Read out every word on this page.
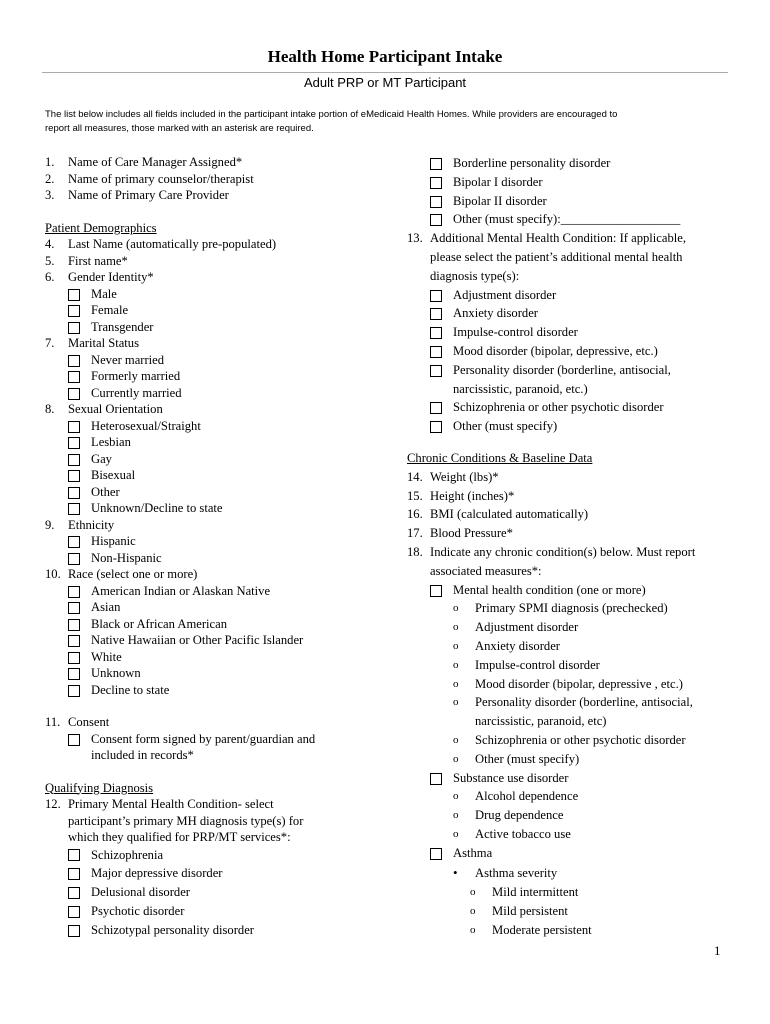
Health Home Participant Intake
Adult PRP or MT Participant
The list below includes all fields included in the participant intake portion of eMedicaid Health Homes. While providers are encouraged to
report all measures, those marked with an asterisk are required.
1. Name of Care Manager Assigned*
2. Name of primary counselor/therapist
3. Name of Primary Care Provider
Patient Demographics
4. Last Name (automatically pre-populated)
5. First name*
6. Gender Identity*
Male
Female
Transgender
7. Marital Status
Never married
Formerly married
Currently married
8. Sexual Orientation
Heterosexual/Straight
Lesbian
Gay
Bisexual
Other
Unknown/Decline to state
9. Ethnicity
Hispanic
Non-Hispanic
10. Race (select one or more)
American Indian or Alaskan Native
Asian
Black or African American
Native Hawaiian or Other Pacific Islander
White
Unknown
Decline to state
11. Consent
Consent form signed by parent/guardian and
included in records*
Qualifying Diagnosis
12. Primary Mental Health Condition- select
participant’s primary MH diagnosis type(s) for
which they qualified for PRP/MT services*:
Schizophrenia
Major depressive disorder
Delusional disorder
Psychotic disorder
Schizotypal personality disorder
Borderline personality disorder
Bipolar I disorder
Bipolar II disorder
Other (must specify):___________________
13. Additional Mental Health Condition: If applicable,
please select the patient’s additional mental health
diagnosis type(s):
Adjustment disorder
Anxiety disorder
Impulse-control disorder
Mood disorder (bipolar, depressive, etc.)
Personality disorder (borderline, antisocial,
narcissistic, paranoid, etc.)
Schizophrenia or other psychotic disorder
Other (must specify)
Chronic Conditions & Baseline Data
14. Weight (lbs)*
15. Height (inches)*
16. BMI (calculated automatically)
17. Blood Pressure*
18. Indicate any chronic condition(s) below. Must report
associated measures*:
Mental health condition (one or more)
o Primary SPMI diagnosis (prechecked)
o Adjustment disorder
o Anxiety disorder
o Impulse-control disorder
o Mood disorder (bipolar, depressive , etc.)
o Personality disorder (borderline, antisocial,
narcissistic, paranoid, etc)
o Schizophrenia or other psychotic disorder
o Other (must specify)
Substance use disorder
o Alcohol dependence
o Drug dependence
o Active tobacco use
Asthma
• Asthma severity
o Mild intermittent
o Mild persistent
o Moderate persistent
1
